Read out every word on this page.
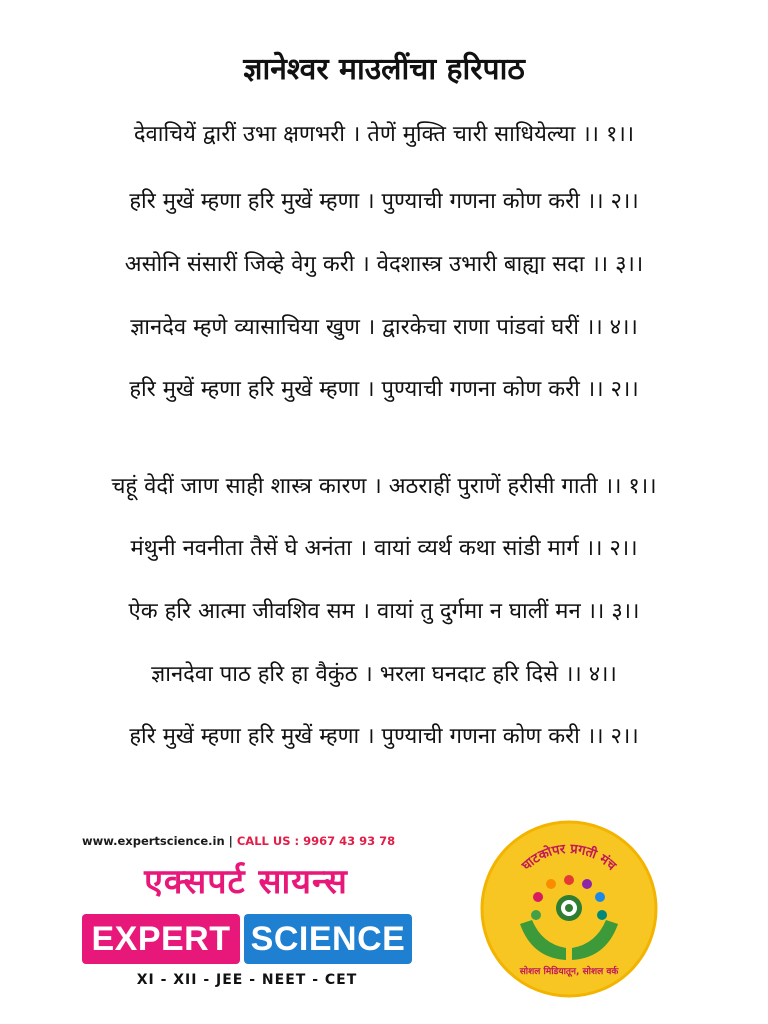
ज्ञानेश्वर माउलींचा हरिपाठ
देवाचियें द्वारीं उभा क्षणभरी । तेणें मुक्ति चारी साधियेल्या ।। १।।
हरि मुखें म्हणा हरि मुखें म्हणा । पुण्याची गणना कोण करी ।। २।।
असोनि संसारीं जिव्हे वेगु करी । वेदशास्त्र उभारी बाह्या सदा ।। ३।।
ज्ञानदेव म्हणे व्यासाचिया खुण । द्वारकेचा राणा पांडवां घरीं ।। ४।।
हरि मुखें म्हणा हरि मुखें म्हणा । पुण्याची गणना कोण करी ।। २।।
चहूं वेदीं जाण साही शास्त्र कारण । अठराहीं पुराणें हरीसी गाती ।। १।।
मंथुनी नवनीता तैसें घे अनंता । वायां व्यर्थ कथा सांडी मार्ग ।। २।।
ऐक हरि आत्मा जीवशिव सम । वायां तु दुर्गमा न घालीं मन ।। ३।।
ज्ञानदेवा पाठ हरि हा वैकुंठ । भरला घनदाट हरि दिसे ।। ४।।
हरि मुखें म्हणा हरि मुखें म्हणा । पुण्याची गणना कोण करी ।। २।।
www.expertscience.in | CALL US : 9967 43 93 78
एक्सपर्ट सायन्स
EXPERT SCIENCE
XI - XII - JEE - NEET - CET
घाटकोपर प्रगती मंच
सोशल मिडियातून, सोशल वर्क
